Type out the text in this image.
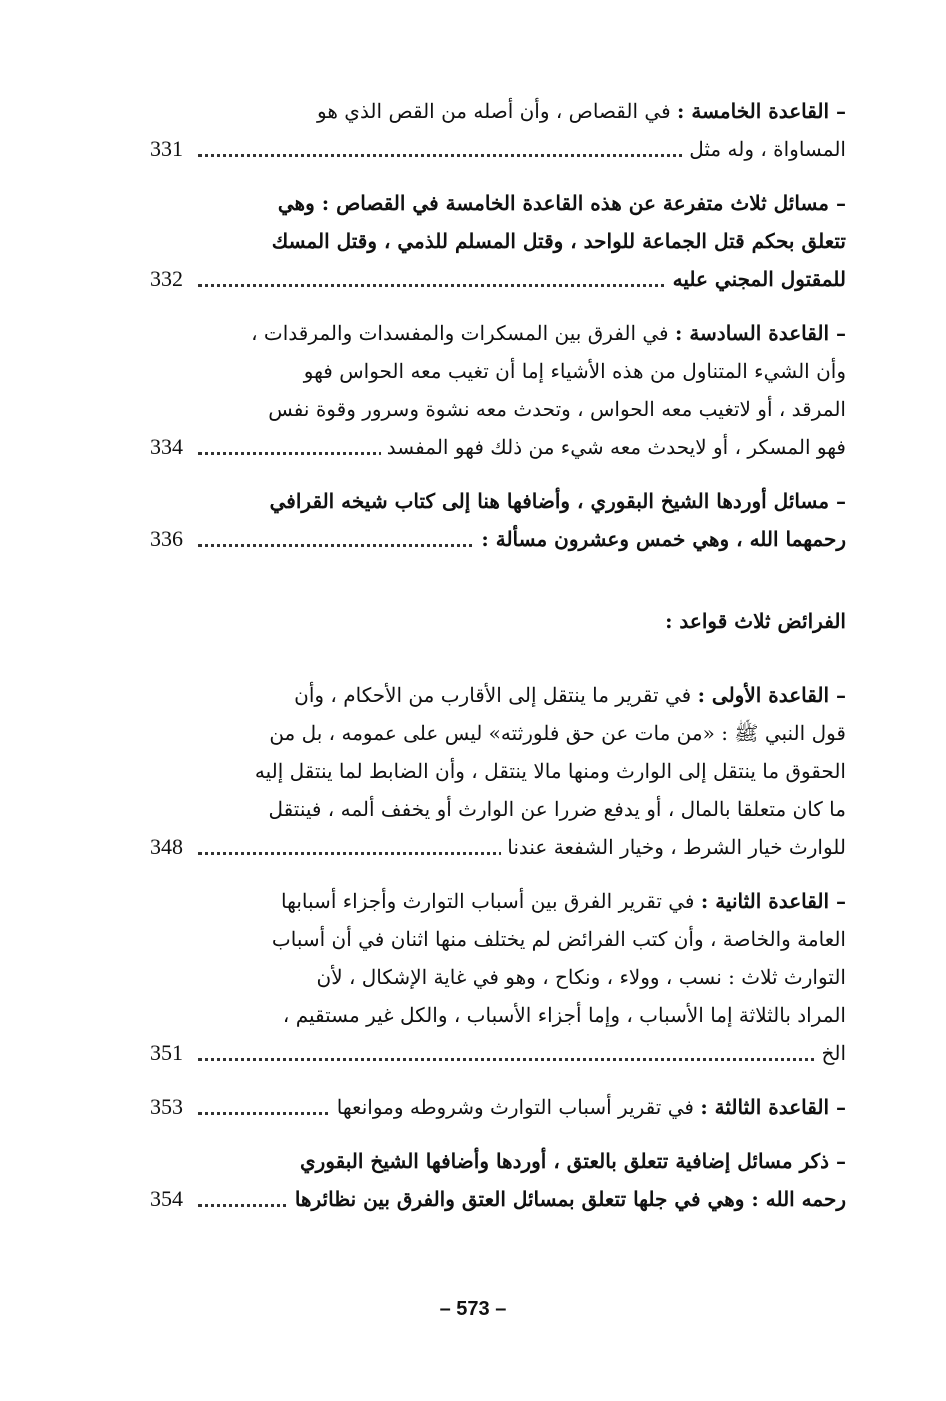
– القاعدة الخامسة : في القصاص ، وأن أصله من القص الذي هو
المساواة ، وله مثل
331
– مسائل ثلاث متفرعة عن هذه القاعدة الخامسة في القصاص : وهي
تتعلق بحكم قتل الجماعة للواحد ، وقتل المسلم للذمي ، وقتل المسك
للمقتول المجني عليه
332
– القاعدة السادسة : في الفرق بين المسكرات والمفسدات والمرقدات ،
وأن الشيء المتناول من هذه الأشياء إما أن تغيب معه الحواس فهو
المرقد ، أو لاتغيب معه الحواس ، وتحدث معه نشوة وسرور وقوة نفس
فهو المسكر ، أو لايحدث معه شيء من ذلك فهو المفسد
334
– مسائل أوردها الشيخ البقوري ، وأضافها هنا إلى كتاب شيخه القرافي
رحمهما الله ، وهي خمس وعشرون مسألة :
336
الفرائض ثلاث قواعد :
– القاعدة الأولى : في تقرير ما ينتقل إلى الأقارب من الأحكام ، وأن
قول النبي ﷺ : «من مات عن حق فلورثته» ليس على عمومه ، بل من
الحقوق ما ينتقل إلى الوارث ومنها مالا ينتقل ، وأن الضابط لما ينتقل إليه
ما كان متعلقا بالمال ، أو يدفع ضررا عن الوارث أو يخفف ألمه ، فينتقل
للوارث خيار الشرط ، وخيار الشفعة عندنا
348
– القاعدة الثانية : في تقرير الفرق بين أسباب التوارث وأجزاء أسبابها
العامة والخاصة ، وأن كتب الفرائض لم يختلف منها اثنان في أن أسباب
التوارث ثلاث : نسب ، وولاء ، ونكاح ، وهو في غاية الإشكال ، لأن
المراد بالثلاثة إما الأسباب ، وإما أجزاء الأسباب ، والكل غير مستقيم ،
الخ
351
– القاعدة الثالثة : في تقرير أسباب التوارث وشروطه وموانعها
353
– ذكر مسائل إضافية تتعلق بالعتق ، أوردها وأضافها الشيخ البقوري
رحمه الله : وهي في جلها تتعلق بمسائل العتق والفرق بين نظائرها
354
– 573 –
